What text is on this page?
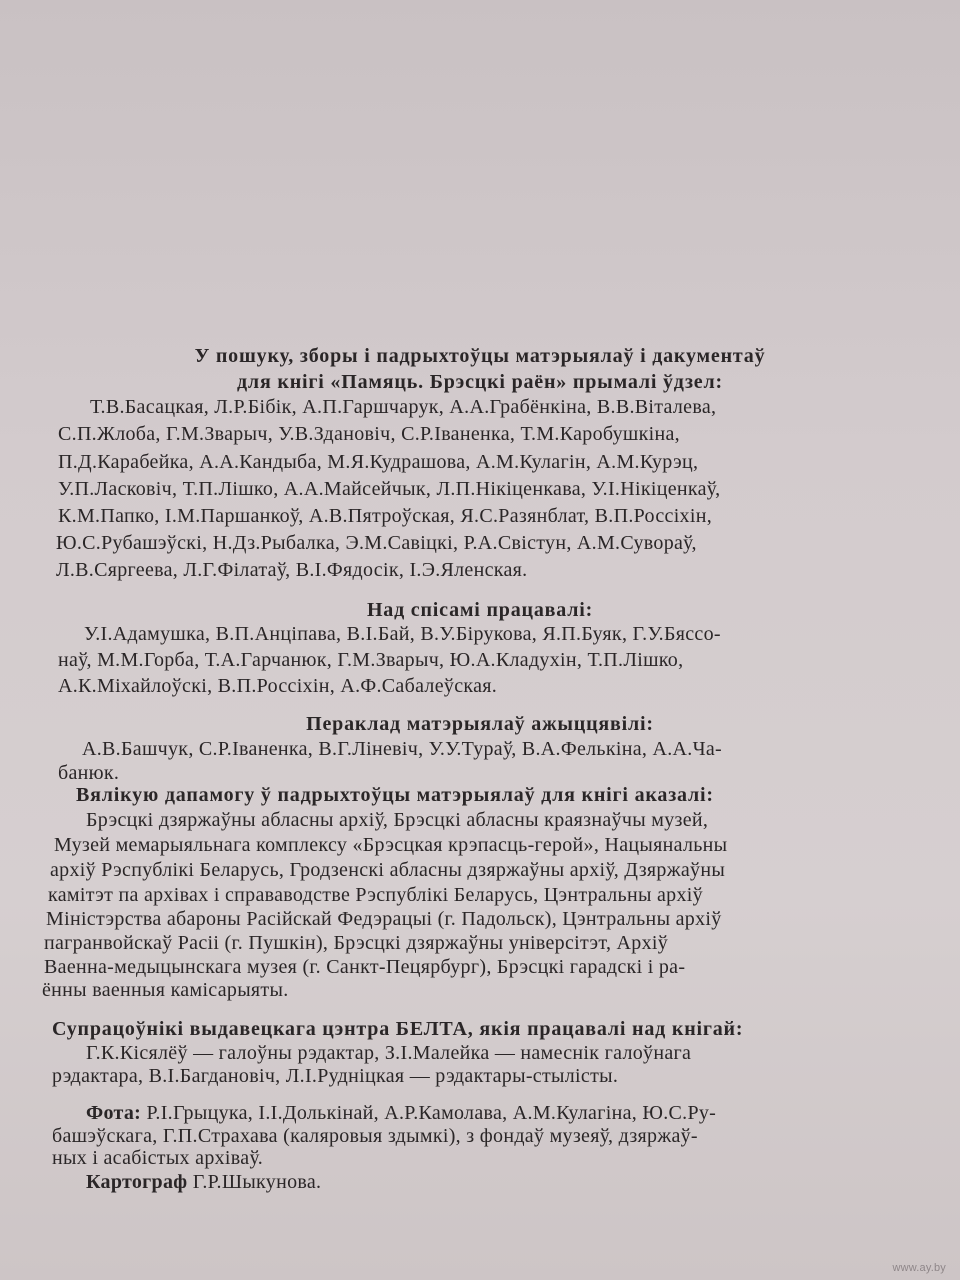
У пошуку, зборы і падрыхтоўцы матэрыялаў і дакументаў

для кнігі «Памяць. Брэсцкі раён» прымалі ўдзел:

Т.В.Басацкая, Л.Р.Бібік, А.П.Гаршчарук, А.А.Грабёнкіна, В.В.Віталева,

С.П.Жлоба, Г.М.Зварыч, У.В.Здановіч, С.Р.Іваненка, Т.М.Каробушкіна,

П.Д.Карабейка, А.А.Кандыба, М.Я.Кудрашова, А.М.Кулагін, А.М.Курэц,

У.П.Ласковіч, Т.П.Лішко, А.А.Майсейчык, Л.П.Нікіценкава, У.І.Нікіценкаў,

К.М.Папко, І.М.Паршанкоў, А.В.Пятроўская, Я.С.Разянблат, В.П.Россіхін,

Ю.С.Рубашэўскі, Н.Дз.Рыбалка, Э.М.Савіцкі, Р.А.Свістун, А.М.Сувораў,

Л.В.Сяргеева, Л.Г.Філатаў, В.І.Фядосік, І.Э.Яленская.

Над спісамі працавалі:

У.І.Адамушка, В.П.Анціпава, В.І.Бай, В.У.Бірукова, Я.П.Буяк, Г.У.Бяссо-

наў, М.М.Горба, Т.А.Гарчанюк, Г.М.Зварыч, Ю.А.Кладухін, Т.П.Лішко,

А.К.Міхайлоўскі, В.П.Россіхін, А.Ф.Сабалеўская.

Пераклад матэрыялаў ажыццявілі:

А.В.Башчук, С.Р.Іваненка, В.Г.Ліневіч, У.У.Тураў, В.А.Фелькіна, А.А.Ча-

банюк.

Вялікую дапамогу ў падрыхтоўцы матэрыялаў для кнігі аказалі:

Брэсцкі дзяржаўны абласны архіў, Брэсцкі абласны краязнаўчы музей,

Музей мемарыяльнага комплексу «Брэсцкая крэпасць-герой», Нацыянальны

архіў Рэспублікі Беларусь, Гродзенскі абласны дзяржаўны архіў, Дзяржаўны

камітэт па архівах і справаводстве Рэспублікі Беларусь, Цэнтральны архіў

Міністэрства абароны Расійскай Федэрацыі (г. Падольск), Цэнтральны архіў

пагранвойскаў Расіі (г. Пушкін), Брэсцкі дзяржаўны універсітэт, Архіў

Ваенна-медыцынскага музея (г. Санкт-Пецярбург), Брэсцкі гарадскі і ра-

ённы ваенныя камісарыяты.

Супрацоўнікі выдавецкага цэнтра БЕЛТА, якія працавалі над кнігай:

Г.К.Кісялёў — галоўны рэдактар, З.І.Малейка — намеснік галоўнага

рэдактара, В.І.Багдановіч, Л.І.Рудніцкая — рэдактары-стылісты.

Фота: Р.І.Грыцука, І.І.Долькінай, А.Р.Камолава, А.М.Кулагіна, Ю.С.Ру-

башэўскага, Г.П.Страхава (каляровыя здымкі), з фондаў музеяў, дзяржаў-

ных і асабістых архіваў.

Картограф Г.Р.Шыкунова.

www.ay.by
